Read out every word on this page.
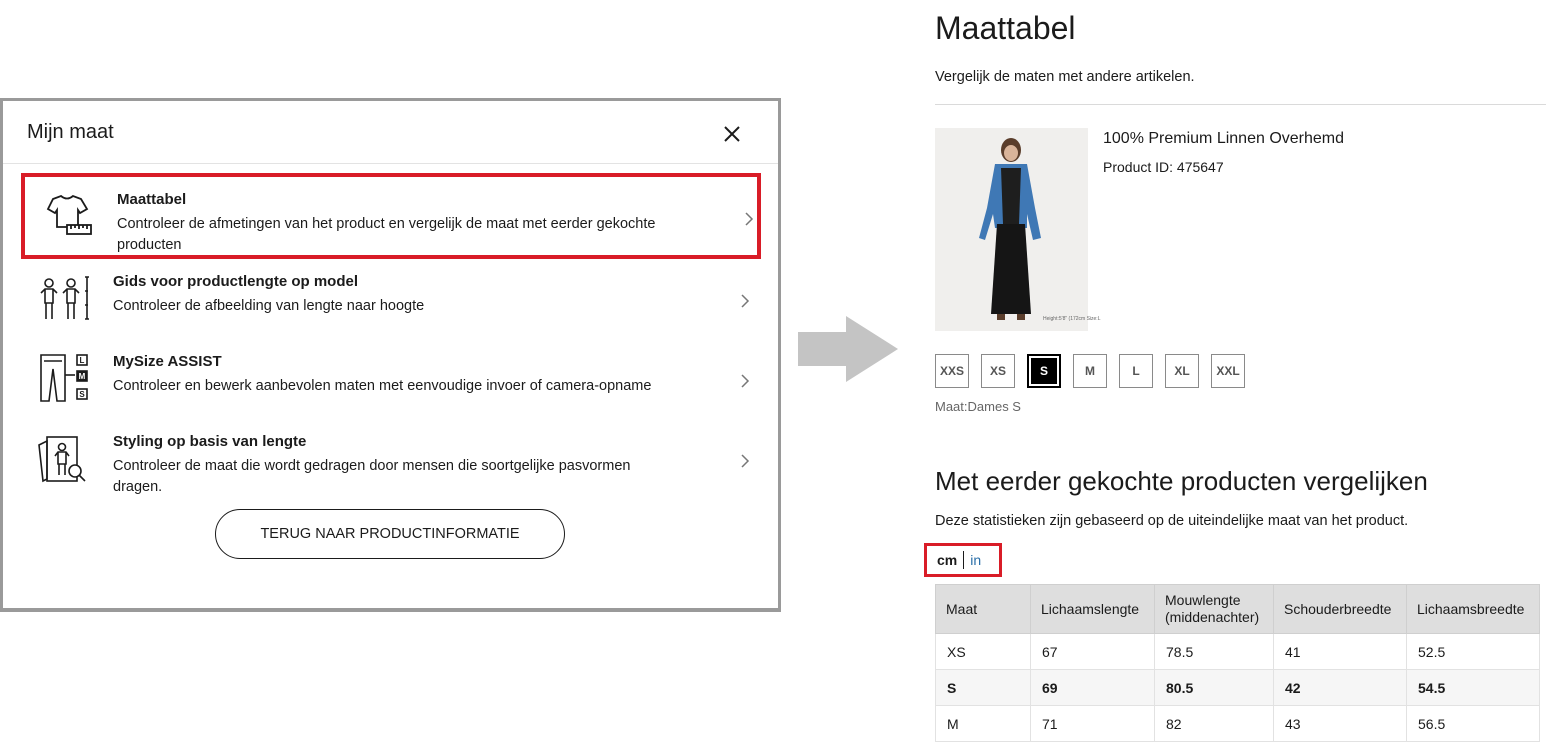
Mijn maat
Maattabel
Controleer de afmetingen van het product en vergelijk de maat met eerder gekochte producten
Gids voor productlengte op model
Controleer de afbeelding van lengte naar hoogte
L
M
S
MySize ASSIST
Controleer en bewerk aanbevolen maten met eenvoudige invoer of camera-opname
Styling op basis van lengte
Controleer de maat die wordt gedragen door mensen die soortgelijke pasvormen dragen.
TERUG NAAR PRODUCTINFORMATIE
Maattabel
Vergelijk de maten met andere artikelen.
Height:5'8" (172cm Size:L
100% Premium Linnen Overhemd
Product ID: 475647
XXS	XS	S	M	L	XL	XXL
Maat:Dames S
Met eerder gekochte producten vergelijken
Deze statistieken zijn gebaseerd op de uiteindelijke maat van het product.
cm in
Maat	Lichaamslengte	Mouwlengte (middenachter)	Schouderbreedte	Lichaamsbreedte
XS	67	78.5	41	52.5
S	69	80.5	42	54.5
M	71	82	43	56.5
